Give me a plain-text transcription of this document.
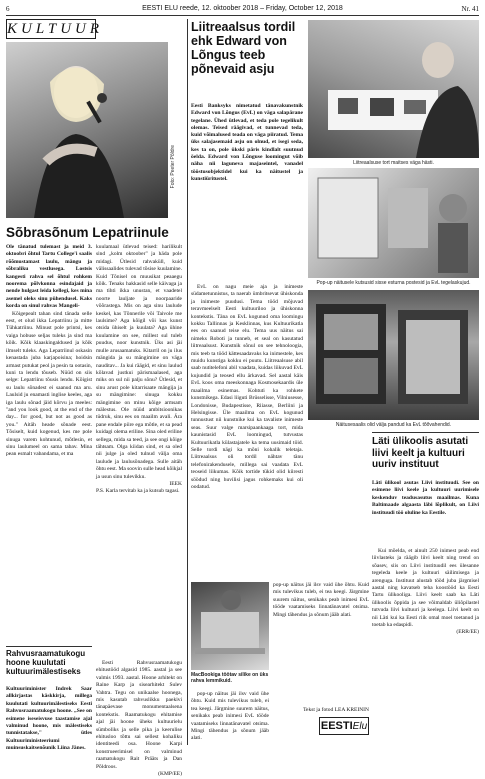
6	EESTI ELU reede, 12. oktoober 2018 – Friday, October 12, 2018	Nr. 41
KULTUUR
Foto: Peeter Põldre
Sõbrasõnum Lepatriinule

Ole tänatud tulemast ja meid 3. oktoobri õhtul Tartu College'i saalis rõõmustamast laulu, mängu ja sõbraliku vestlusega. Lostsis kangesti rahva sel õhtul rohkem noorema põlvkonna esindajaid ja nende hulgast leida kellegi, kes mina asemel oleks sinu pühendusel. Kaks korda on sinul rahvas Mangeli-

Kõigepealt tahan sind tänada selle eest, et olud ikka Lepatriinu ja mitte Tühkatriinu. Minust pole printsi, kes vaiga hobuse seljas tuleks ja sind ma kõik. Kõik klaaskingaldused ja kõik ilmselt tuleks. Aga Lepatriinul oskasin kenastada juba karjapoisina; hoidsin armast putukat peol ja pesin ta ootasin, kuni ta lendu tõuseb. Nüüd on siis selge: Lepatriinu tõusis lendu. Kõigist su laulu sõnadest ei saanud ma aru. Laulsid ju enamasti inglise keeles, aga iga laulu sõnad jäid kõrvu ja meeles: "and you look good, at the end of the day... for good, but not as good as you." Aitäh heade sõnade eest. Tõsiselt, kuid kogenud, kes me pole sinuga varem kohtunud, mõtlesin, et sinu laulumeel on sama tabav. Mina pean esmalt vabandama, et ma

kuulamaal ütlevad teised: harilikult sind „kolm oktoober" ja häda pole midagi. Ütlesid rahvaküll, kuid välissaalides tulevad tõsise kuulamine. Kuid Tõnisel on muusikat peaaegu kõik. Tenaks hakkasid selle käivaga ja ma tihti ikka unustan, et vaadetel noorte lauljate ja noorpaaride võõrastega. Mis on aga sinu laulude keskel, kas Tõnnerile või Taivole me laulsime? Aga kõigil või kas kunst otsida ühiselt ja kuulata? Aga ühine kuulamine on see, millest sul tuleb puudus, noor kunstnik. Üks asi jäi mulle arusaamatuks. Kitarril on ju ilus mängida ja su mängimine on väga nauditav... Ja kui räägid, et sinu laulud kõlavad justkui pärismaalased, aga miks on sul nii palju sõnu? Ütlesid, et sinu arust pole kitarrisaate mängija ja su mängimine: sinuga kokku mängimine on minu kõige armsam mälestus. Ole nüüd ambitsioonikas tüdruk, sinu ees on maailm avali. Ära pane endale piire ega mõtle, et sa pead kuidagi olema eriline. Sina oled eriline sellega, mida sa teed, ja see ongi kõige tähtsam. Olga kiidan sind, et sa oled nii julge ja oled tulnud välja oma laulude ja laulusõnadega. Sulle aitäh õhtu eest. Ma soovin sulle head kõikjal ja usun sinu tulevikku.

IEEK

P.S. Karla tervitab ka ja kutsub tagasi.

Rahvusraamatukogu hoone kuulutati kultuurimälestiseks

Kultuuriminister Indrek Saar allkirjastas käskkirja, millega kuulutati kultuurimälestiseks Eesti Rahvusraamatukogu hoone. „See on esimene iseseisvuse taastamise ajal valminud hoone, mis mälestiseks tunnistatakse," ütles Kultuuriministeeriumi muinsuskaitsenõunik Liina Jänes.

Eesti Rahvusraamatukogu ehitustööd algasid 1985. aastal ja see valmis 1993. aastal. Hoone arhitekt on Raine Karp ja sisearhitekt Sulev Vahtra. Tegu on unikaalse hoonega, mis kasutab rahvuslikku paekivi tänapäevase monumentaalsena kontekstis. Raamatukogu ehitamise ajal jäi hoone üheks kultuurielu sümboliks ja selle pika ja keerulise ehitusloo tõttu sai sellest kohaliku identiteedi osa. Hoone Karpi konstrueerimisel on valminud raamatukogu Rait Prääts ja Dan Põldroos.

(KMP/EE)

Liitreaalsus tordil ehk Edward von Lõngus teeb põnevaid asju
Eesti Banksyks nimetatud tänavakunstnik Edward von Lõngus (EvL) on väga salapärane tegelane. Ühed ütlevad, et teda pole tegelikult olemas. Teised räägivad, et tunnevad teda, kuid võimalused teada on väga piiratud. Tema üks salajasemaid asju on olnud, et isegi seda, kes ta on, pole ükski päris kindlalt suutnud öelda. Edward von Lõnguse loomingut võib näha nii laguneva majaseintel, vanadel tööstusobjektidel kui ka näitustel ja kunstiüritustel.

EvL on nagu meie aja ja inimeste südametunnistus, ta naerab ümbritsevat ühiskonda ja inimeste puudusi. Tema tööd mõjuvad teravmeelselt Eesti kultuuriloo ja ühiskonna kontekstis. Täna on EvL kogunud oma loomingu kokku Tallinnas ja Kesklinnas, kus Kultuurikatla ees on saanud teise elu. Tema uus näitus sai nimeks Roboti ja tunneb, et seal on kasutatud liitreaalsust. Kunstnik sõnul on see tehnoloogia, mis teeb ta tööd kättesaadavaks ka inimestele, kes muidu kunstiga kokku ei puutu. Liitreaalsuse abil saab nutitelefoni abil vaadata, kuidas liikuvad EvL kujundid ja teosed ellu ärkavad. Sel aastal käis EvL koos oma meeskonnaga Kosmosekaardis üle maailma esinemas. Kohtuti ka rohkete kunstnikega. Edasi liiguti Brüsselisse, Vilniusesse, Londonisse, Budapestisse, Riiasse, Berliini ja Helsingisse. Üle maailma on EvL kogunud tunnustust nii kunstnike kui ka tavaliste inimeste seas. Suur valge marsipaankaaga tort, mida kaunistasid EvL loomingud, tutvustas Kultuurikatla külastajatele ka tema uusimaid töid. Selle tordi nägi ka mõni kohalik teletaja. Liitreaalsus oli tordil nähtav tänu telefonirakendusele, millega sai vaadata EvL teoseid liikumas. Kõik tortide tükid olid kiiresti söödud ning huvilisi jagus rohkemaks kui oli oodatud.

Liitreaalsuse tort maitses väga hästi.
Pop-up näitusele kutsusid sisse esturna postesid ja EvL tegelaskujud.
Näitusesaalis olid välja pandud ka EvL tõõvahendid.
MacBookiga töötav silike on üks rahva lemmikuid.

pop-up näitus jäi ilsv vaid ühe õhtu. Kuid mis tulevikus tuleb, ei tea keegi. Järgmine suurem näitus, senikaks peab inimesi EvL tööde vaatamiseks linnatänavatel otsima. Mingi tähendus ja sõnum jääb alati.

pop-up näitus jäi ilsv vaid ühe õhtu. Kuid mis tulevikus tuleb, ei tea keegi. Järgmine suurem näitus, senikaks peab inimesi EvL tööde vaatamiseks linnatänavatel otsima. Mingi tähendus ja sõnum jääb alati.

Tekst ja fotod LEA KREININ
EESTIElu
Läti ülikoolis asutati liivi keelt ja kultuuri uuriv instituut
Läti ülikool asutas Liivi instituudi. See on esimene liivi keele ja kultuuri uurimisele keskenduv teadusasutus maailmas. Kuna Baltimaade algaasta läbi lõplikult, on Liivi instituudi töö oluline ka Eestile.

Kui mõelda, et ainult 250 inimest peab end liivlasteks ja räägib liivi keelt ning trend on sõasev, siis on Liivi instituudil ees ülesanne tegeleda keele ja kultuuri säilimisega ja arenguga. Instituut alustab tööd juba järgmisel aastal ning kavatseb teha koostööd ka Eesti Tartu ülikooliga. Liivi keelt saab ka Läti ülikoolis õppida ja see võimaldab üliõpilastel tutvuda liivi kultuuri ja keelega. Liivi keelt on nii Läti kui ka Eesti riik omal moel toetanud ja toetab ka edaspidi.

(ERR/EE)
